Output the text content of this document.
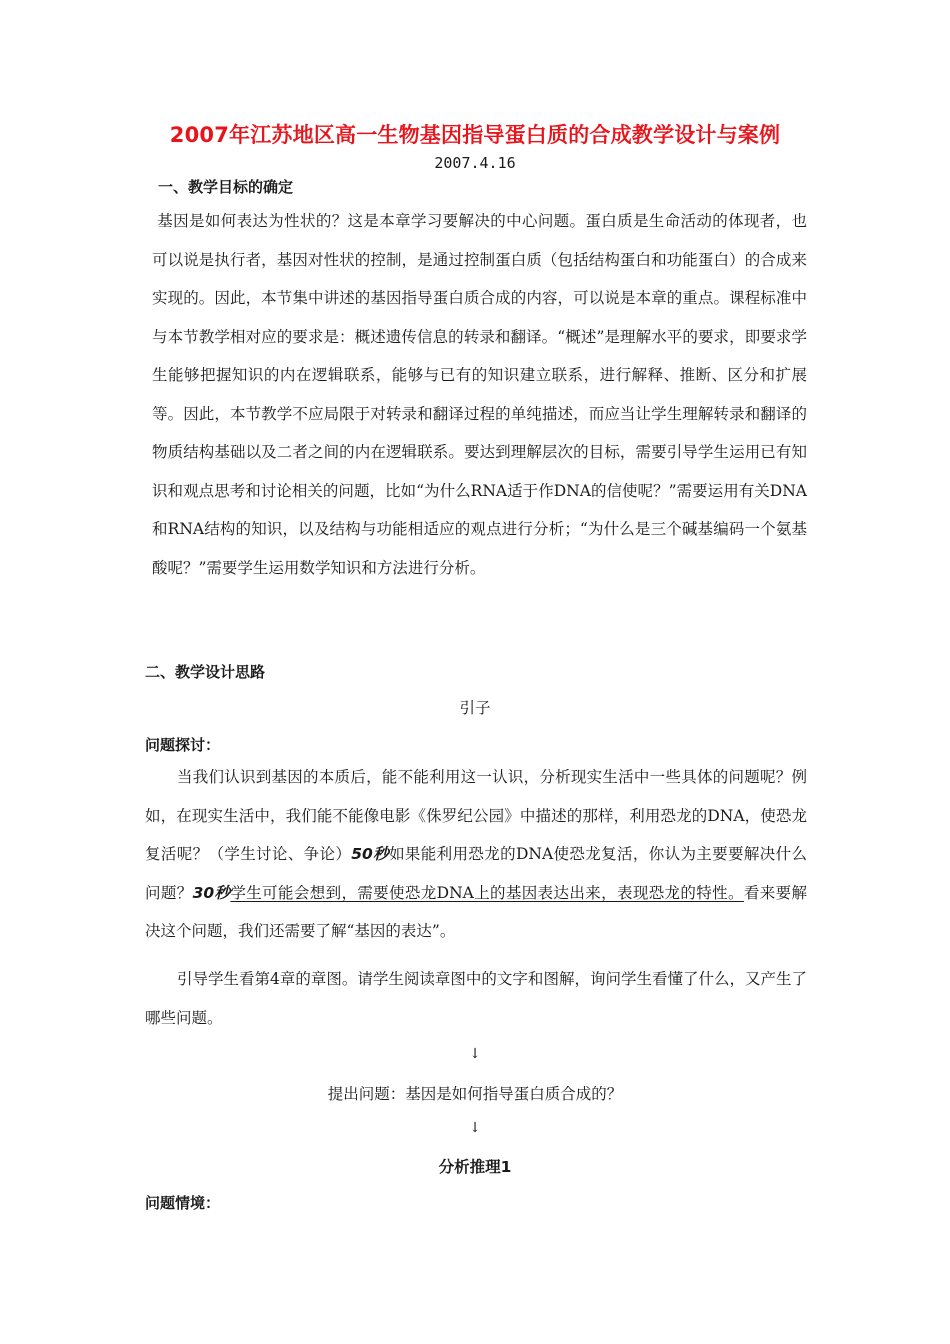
2007年江苏地区高一生物基因指导蛋白质的合成教学设计与案例
2007.4.16
一、教学目标的确定

基因是如何表达为性状的？这是本章学习要解决的中心问题。蛋白质是生命活动的体现者，也可以说是执行者，基因对性状的控制，是通过控制蛋白质（包括结构蛋白和功能蛋白）的合成来实现的。因此，本节集中讲述的基因指导蛋白质合成的内容，可以说是本章的重点。课程标准中与本节教学相对应的要求是：概述遗传信息的转录和翻译。“概述”是理解水平的要求，即要求学生能够把握知识的内在逻辑联系，能够与已有的知识建立联系，进行解释、推断、区分和扩展等。因此，本节教学不应局限于对转录和翻译过程的单纯描述，而应当让学生理解转录和翻译的物质结构基础以及二者之间的内在逻辑联系。要达到理解层次的目标，需要引导学生运用已有知识和观点思考和讨论相关的问题，比如“为什么RNA适于作DNA的信使呢？”需要运用有关DNA和RNA结构的知识，以及结构与功能相适应的观点进行分析；“为什么是三个碱基编码一个氨基酸呢？”需要学生运用数学知识和方法进行分析。

二、教学设计思路
引子
问题探讨：

当我们认识到基因的本质后，能不能利用这一认识，分析现实生活中一些具体的问题呢？例如，在现实生活中，我们能不能像电影《侏罗纪公园》中描述的那样，利用恐龙的DNA，使恐龙复活呢？（学生讨论、争论）50秒如果能利用恐龙的DNA使恐龙复活，你认为主要要解决什么问题？30秒学生可能会想到，需要使恐龙DNA上的基因表达出来，表现恐龙的特性。看来要解决这个问题，我们还需要了解“基因的表达”。

引导学生看第4章的章图。请学生阅读章图中的文字和图解，询问学生看懂了什么，又产生了哪些问题。

↓
提出问题：基因是如何指导蛋白质合成的？
↓
分析推理1
问题情境：
